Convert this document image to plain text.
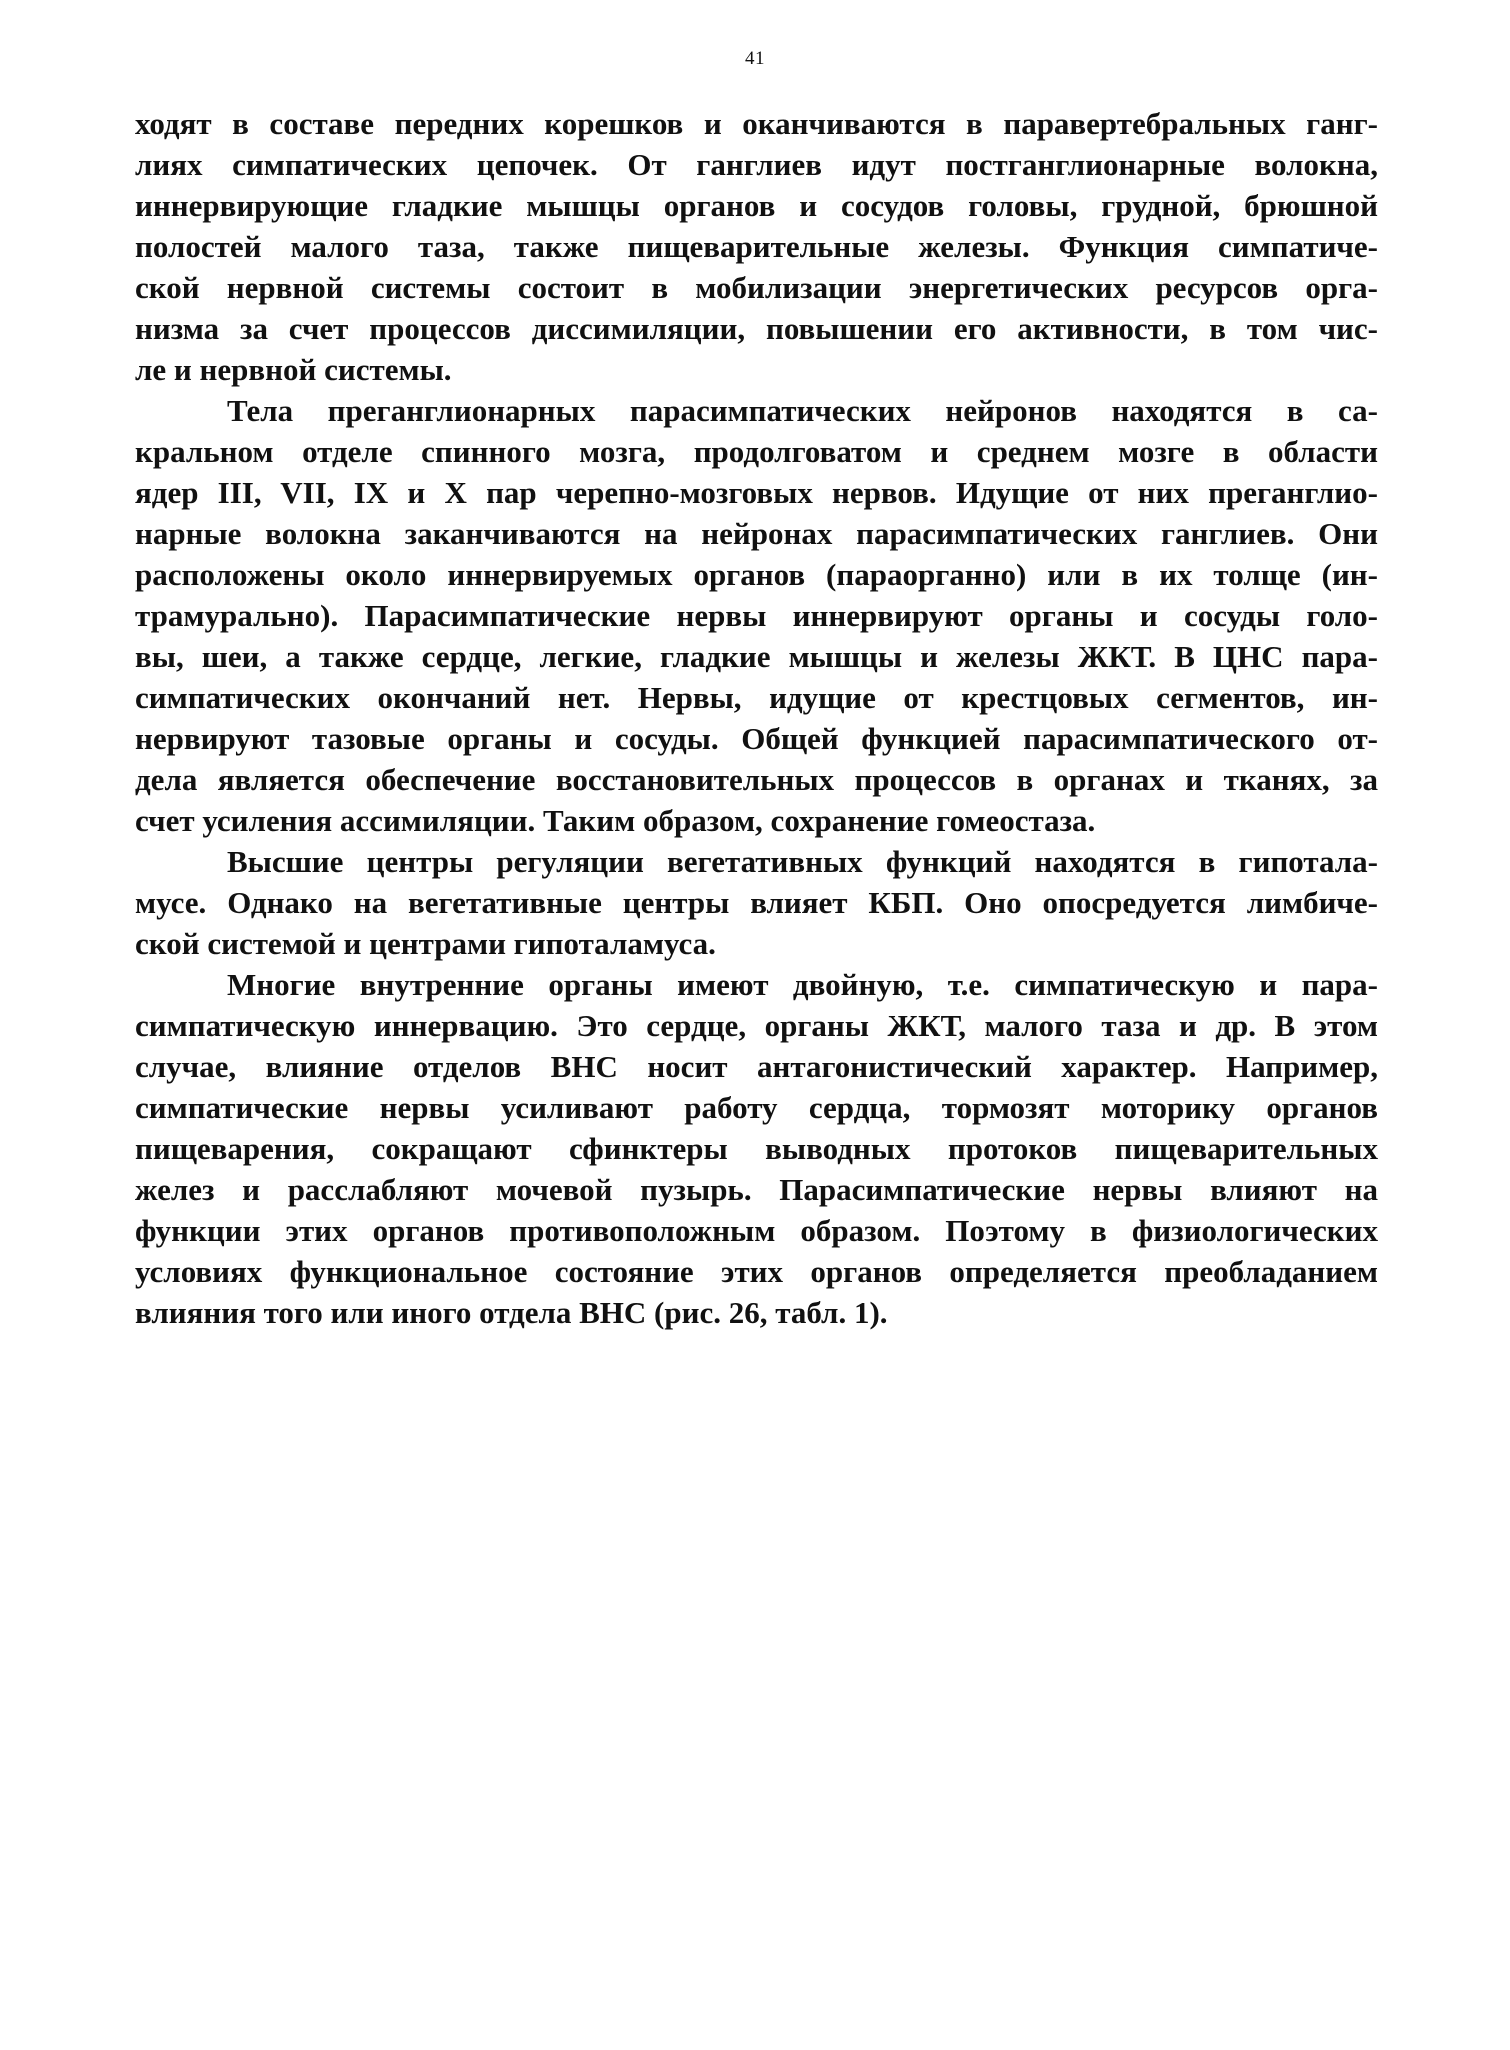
41
ходят в составе передних корешков и оканчиваются в паравертебральных ганг-
лиях симпатических цепочек. От ганглиев идут постганглионарные волокна,
иннервирующие гладкие мышцы органов и сосудов головы, грудной, брюшной
полостей малого таза, также пищеварительные железы. Функция симпатиче-
ской нервной системы состоит в мобилизации энергетических ресурсов орга-
низма за счет процессов диссимиляции, повышении его активности, в том чис-
ле и нервной системы.
Тела преганглионарных парасимпатических нейронов находятся в са-
кральном отделе спинного мозга, продолговатом и среднем мозге в области
ядер III, VII, IX и X пар черепно-мозговых нервов. Идущие от них преганглио-
нарные волокна заканчиваются на нейронах парасимпатических ганглиев. Они
расположены около иннервируемых органов (параорганно) или в их толще (ин-
трамурально). Парасимпатические нервы иннервируют органы и сосуды голо-
вы, шеи, а также сердце, легкие, гладкие мышцы и железы ЖКТ. В ЦНС пара-
симпатических окончаний нет. Нервы, идущие от крестцовых сегментов, ин-
нервируют тазовые органы и сосуды. Общей функцией парасимпатического от-
дела является обеспечение восстановительных процессов в органах и тканях, за
счет усиления ассимиляции. Таким образом, сохранение гомеостаза.
Высшие центры регуляции вегетативных функций находятся в гипотала-
мусе. Однако на вегетативные центры влияет КБП. Оно опосредуется лимбиче-
ской системой и центрами гипоталамуса.
Многие внутренние органы имеют двойную, т.е. симпатическую и пара-
симпатическую иннервацию. Это сердце, органы ЖКТ, малого таза и др. В этом
случае, влияние отделов ВНС носит антагонистический характер. Например,
симпатические нервы усиливают работу сердца, тормозят моторику органов
пищеварения, сокращают сфинктеры выводных протоков пищеварительных
желез и расслабляют мочевой пузырь. Парасимпатические нервы влияют на
функции этих органов противоположным образом. Поэтому в физиологических
условиях функциональное состояние этих органов определяется преобладанием
влияния того или иного отдела ВНС (рис. 26, табл. 1).
